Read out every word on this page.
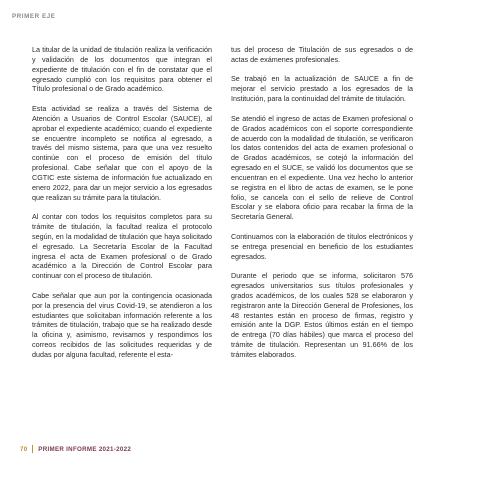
PRIMER EJE

La titular de la unidad de titulación realiza la verificación y validación de los documentos que integran el expediente de titulación con el fin de constatar que el egresado cumplió con los requisitos para obtener el Título profesional o de Grado académico.

Esta actividad se realiza a través del Sistema de Atención a Usuarios de Control Escolar (SAUCE), al aprobar el expediente académico; cuando el expediente se encuentre incompleto se notifica al egresado, a través del mismo sistema, para que una vez resuelto continúe con el proceso de emisión del título profesional. Cabe señalar que con el apoyo de la CGTIC este sistema de información fue actualizado en enero 2022, para dar un mejor servicio a los egresados que realizan su trámite para la titulación.

Al contar con todos los requisitos completos para su trámite de titulación, la facultad realiza el protocolo según, en la modalidad de titulación que haya solicitado el egresado. La Secretaría Escolar de la Facultad ingresa el acta de Examen profesional o de Grado académico a la Dirección de Control Escolar para continuar con el proceso de titulación.

Cabe señalar que aun por la contingencia ocasionada por la presencia del virus Covid-19, se atendieron a los estudiantes que solicitaban información referente a los trámites de titulación, trabajo que se ha realizado desde la oficina y, asimismo, revisamos y respondimos los correos recibidos de las solicitudes requeridas y de dudas por alguna facultad, referente el esta-

tus del proceso de Titulación de sus egresados o de actas de exámenes profesionales.

Se trabajó en la actualización de SAUCE a fin de mejorar el servicio prestado a los egresados de la Institución, para la continuidad del trámite de titulación.

Se atendió el ingreso de actas de Examen profesional o de Grados académicos con el soporte correspondiente de acuerdo con la modalidad de titulación, se verificaron los datos contenidos del acta de examen profesional o de Grados académicos, se cotejó la información del egresado en el SUCE, se validó los documentos que se encuentran en el expediente. Una vez hecho lo anterior se registra en el libro de actas de examen, se le pone folio, se cancela con el sello de relieve de Control Escolar y se elabora oficio para recabar la firma de la Secretaría General.

Continuamos con la elaboración de títulos electrónicos y se entrega presencial en beneficio de los estudiantes egresados.

Durante el periodo que se informa, solicitaron 576 egresados universitarios sus títulos profesionales y grados académicos, de los cuales 528 se elaboraron y registraron ante la Dirección General de Profesiones, los 48 restantes están en proceso de firmas, registro y emisión ante la DGP. Estos últimos están en el tiempo de entrega (70 días hábiles) que marca el proceso del trámite de titulación. Representan un 91.66% de los trámites elaborados.

70 PRIMER INFORME 2021-2022
